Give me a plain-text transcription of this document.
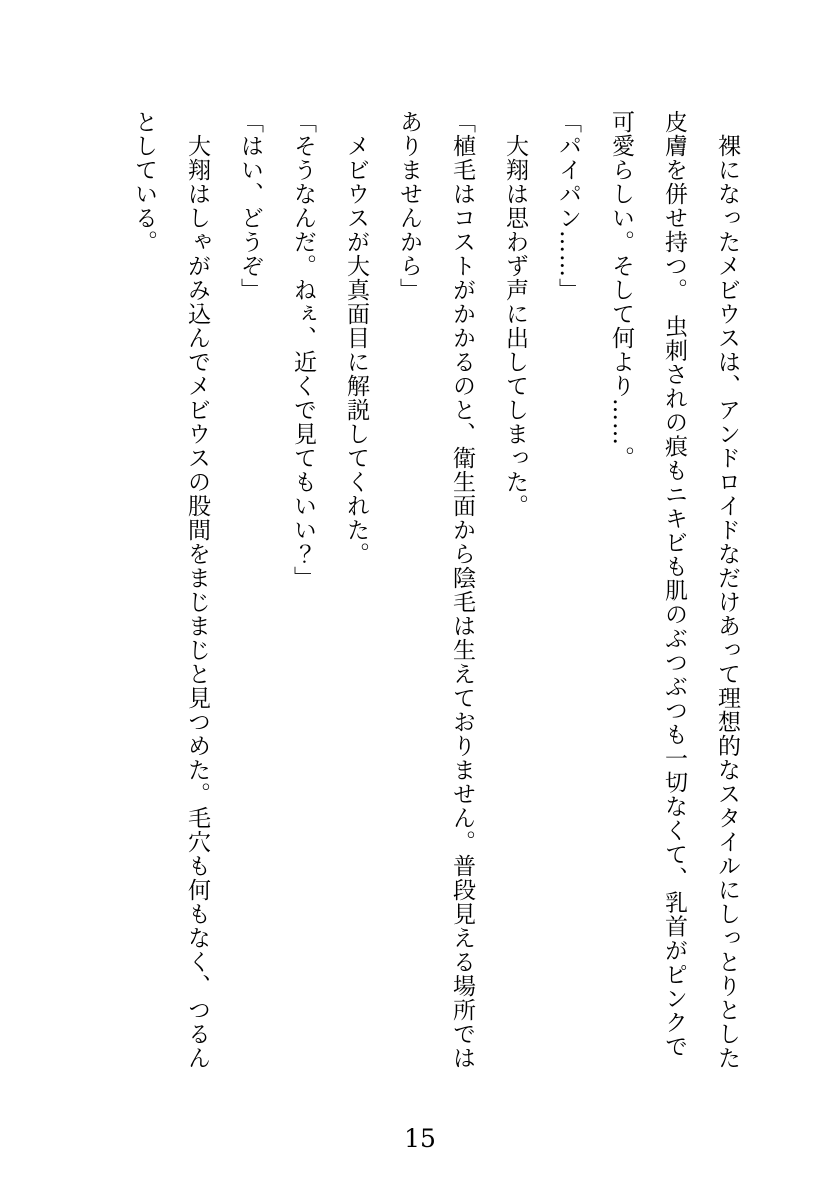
　裸になったメビウスは、アンドロイドなだけあって理想的なスタイルにしっとりとした皮膚を併せ持つ。　虫刺されの痕もニキビも肌のぶつぶつも一切なくて、乳首がピンクで可愛らしい。そして何より……。

「パイパン……」

　大翔は思わず声に出してしまった。

「植毛はコストがかかるのと、衛生面から陰毛は生えておりません。普段見える場所ではありませんから」

　メビウスが大真面目に解説してくれた。

「そうなんだ。ねぇ、近くで見てもいい？」

「はい、どうぞ」

　大翔はしゃがみ込んでメビウスの股間をまじまじと見つめた。毛穴も何もなく、つるんとしている。

15
